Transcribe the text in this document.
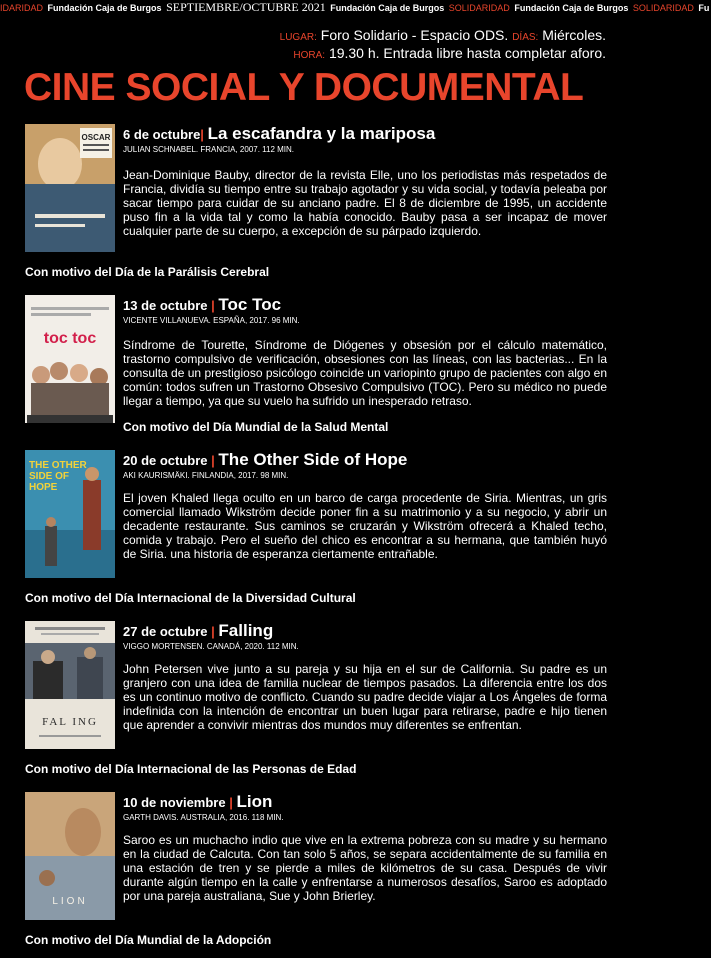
IDARIDAD Fundación Caja de Burgos SEPTIEMBRE/OCTUBRE 2021 Fundación Caja de Burgos SOLIDARIDAD Fundación Caja de Burgos SOLIDARIDAD Fu
LUGAR: Foro Solidario - Espacio ODS. DÍAS: Miércoles.
HORA: 19.30 h. Entrada libre hasta completar aforo.
CINE SOCIAL Y DOCUMENTAL
OSCAR 6 de octubre| La escafandra y la mariposa
JULIAN SCHNABEL. FRANCIA, 2007. 112 MIN.
Jean-Dominique Bauby, director de la revista Elle, uno los periodistas más respetados de Francia, dividía su tiempo entre su trabajo agotador y su vida social, y todavía peleaba por sacar tiempo para cuidar de su anciano padre. El 8 de diciembre de 1995, un accidente puso fin a la vida tal y como la había conocido. Bauby pasa a ser incapaz de mover cualquier parte de su cuerpo, a excepción de su párpado izquierdo.
Con motivo del Día de la Parálisis Cerebral
toc toc
13 de octubre | Toc Toc
VICENTE VILLANUEVA. ESPAÑA, 2017. 96 MIN.
Síndrome de Tourette, Síndrome de Diógenes y obsesión por el cálculo matemático, trastorno compulsivo de verificación, obsesiones con las líneas, con las bacterias... En la consulta de un prestigioso psicólogo coincide un variopinto grupo de pacientes con algo en común: todos sufren un Trastorno Obsesivo Compulsivo (TOC). Pero su médico no puede llegar a tiempo, ya que su vuelo ha sufrido un inesperado retraso.
Con motivo del Día Mundial de la Salud Mental
THE OTHER SIDE OF HOPE
20 de octubre | The Other Side of Hope
AKI KAURISMÄKI. FINLANDIA, 2017. 98 MIN.
El joven Khaled llega oculto en un barco de carga procedente de Siria. Mientras, un gris comercial llamado Wikström decide poner fin a su matrimonio y a su negocio, y abrir un decadente restaurante. Sus caminos se cruzarán y Wikström ofrecerá a Khaled techo, comida y trabajo. Pero el sueño del chico es encontrar a su hermana, que también huyó de Siria. una historia de esperanza ciertamente entrañable.
Con motivo del Día Internacional de la Diversidad Cultural
FAL ING
27 de octubre | Falling
VIGGO MORTENSEN. CANADÁ, 2020. 112 MIN.
John Petersen vive junto a su pareja y su hija en el sur de California. Su padre es un granjero con una idea de familia nuclear de tiempos pasados. La diferencia entre los dos es un continuo motivo de conflicto. Cuando su padre decide viajar a Los Ángeles de forma indefinida con la intención de encontrar un buen lugar para retirarse, padre e hijo tienen que aprender a convivir mientras dos mundos muy diferentes se enfrentan.
Con motivo del Día Internacional de las Personas de Edad
LION
10 de noviembre | Lion
GARTH DAVIS. AUSTRALIA, 2016. 118 MIN.
Saroo es un muchacho indio que vive en la extrema pobreza con su madre y su hermano en la ciudad de Calcuta. Con tan solo 5 años, se separa accidentalmente de su familia en una estación de tren y se pierde a miles de kilómetros de su casa. Después de vivir durante algún tiempo en la calle y enfrentarse a numerosos desafíos, Saroo es adoptado por una pareja australiana, Sue y John Brierley.
Con motivo del Día Mundial de la Adopción
